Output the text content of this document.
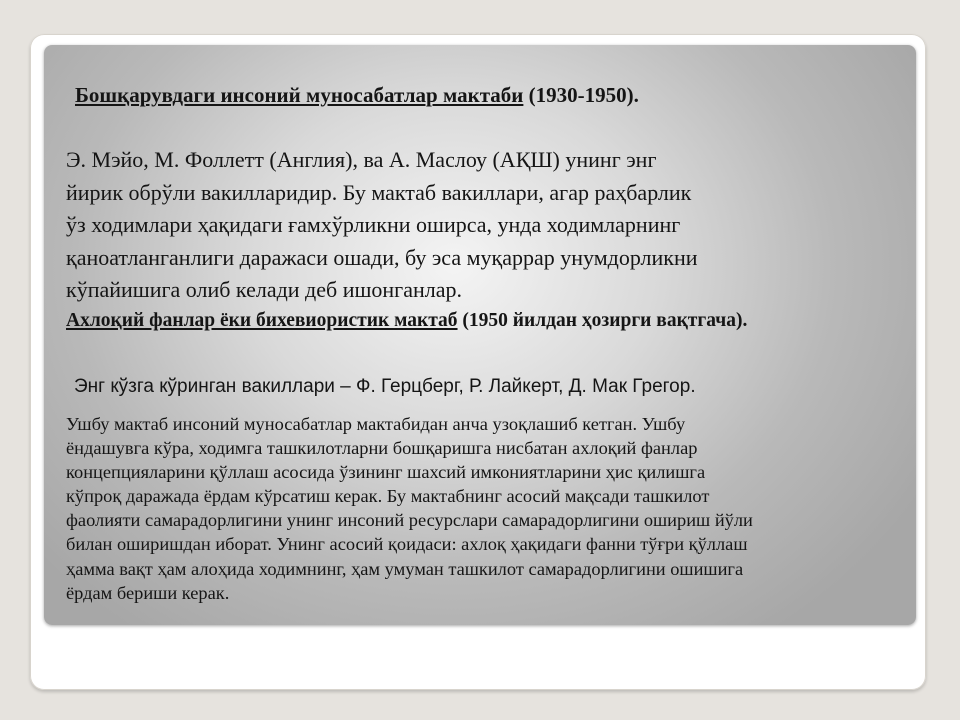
Бошқарувдаги инсоний муносабатлар мактаби (1930-1950).

Э. Мэйо, М. Фоллетт (Англия), ва А. Маслоу (АҚШ) унинг энг
йирик обрўли вакилларидир. Бу мактаб вакиллари, агар раҳбарлик
ўз ходимлари ҳақидаги ғамхўрликни оширса, унда ходимларнинг
қаноатланганлиги даражаси ошади, бу эса муқаррар унумдорликни
кўпайишига олиб келади деб ишонганлар.

Ахлоқий фанлар ёки бихевиористик мактаб (1950 йилдан ҳозирги вақтгача).

Энг кўзга кўринган вакиллари – Ф. Герцберг, Р. Лайкерт, Д. Мак Грегор.

Ушбу мактаб инсоний муносабатлар мактабидан анча узоқлашиб кетган. Ушбу
ёндашувга кўра, ходимга ташкилотларни бошқаришга нисбатан ахлоқий фанлар
концепцияларини қўллаш асосида ўзининг шахсий имкониятларини ҳис қилишга
кўпроқ даражада ёрдам кўрсатиш керак. Бу мактабнинг асосий мақсади ташкилот
фаолияти самарадорлигини унинг инсоний ресурслари самарадорлигини ошириш йўли
билан оширишдан иборат. Унинг асосий қоидаси: ахлоқ ҳақидаги фанни тўғри қўллаш
ҳамма вақт ҳам алоҳида ходимнинг, ҳам умуман ташкилот самарадорлигини ошишига
ёрдам бериши керак.
